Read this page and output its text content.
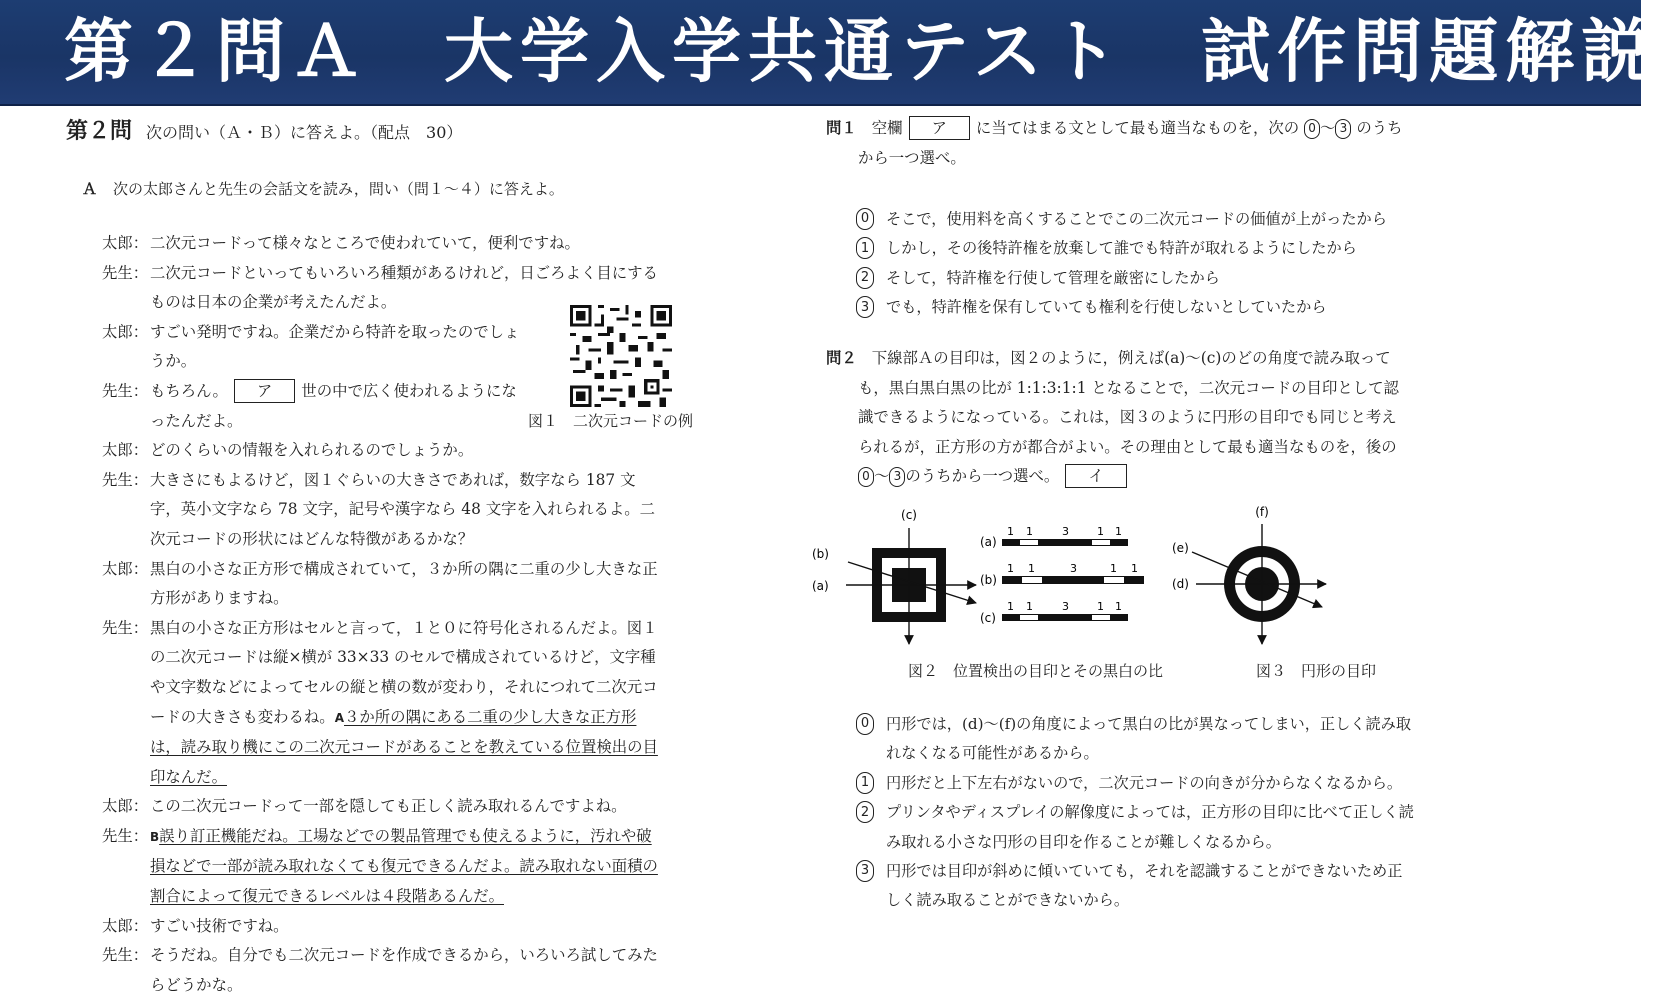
第２問Ａ　大学入学共通テスト　試作問題解説
第２問 次の問い（Ａ・Ｂ）に答えよ。（配点　30）
Ａ 次の太郎さんと先生の会話文を読み，問い（問１～４）に答えよ。
太郎： 二次元コードって様々なところで使われていて，便利ですね。
先生： 二次元コードといってもいろいろ種類があるけれど，日ごろよく目にするものは日本の企業が考えたんだよ。
太郎： すごい発明ですね。企業だから特許を取ったのでしょうか。
先生： もちろん。 ア 世の中で広く使われるようになったんだよ。
太郎： どのくらいの情報を入れられるのでしょうか。
先生： 大きさにもよるけど，図１ぐらいの大きさであれば，数字なら 187 文字，英小文字なら 78 文字，記号や漢字なら 48 文字を入れられるよ。二次元コードの形状にはどんな特徴があるかな？
太郎： 黒白の小さな正方形で構成されていて，３か所の隅に二重の少し大きな正方形がありますね。
先生： 黒白の小さな正方形はセルと言って，１と０に符号化されるんだよ。図１の二次元コードは縦×横が 33×33 のセルで構成されているけど，文字種や文字数などによってセルの縦と横の数が変わり，それにつれて二次元コードの大きさも変わるね。A３か所の隅にある二重の少し大きな正方形は，読み取り機にこの二次元コードがあることを教えている位置検出の目印なんだ。
太郎： この二次元コードって一部を隠しても正しく読み取れるんですよね。
先生： B誤り訂正機能だね。工場などでの製品管理でも使えるように，汚れや破損などで一部が読み取れなくても復元できるんだよ。読み取れない面積の割合によって復元できるレベルは４段階あるんだ。
太郎： すごい技術ですね。
先生： そうだね。自分でも二次元コードを作成できるから，いろいろ試してみたらどうかな。
図１　二次元コードの例
問１ 空欄 ア に当てはまる文として最も適当なものを，次の 0 ～ 3 のうち
から一つ選べ。
0	そこで，使用料を高くすることでこの二次元コードの価値が上がったから
1	しかし，その後特許権を放棄して誰でも特許が取れるようにしたから
2	そして，特許権を行使して管理を厳密にしたから
3	でも，特許権を保有していても権利を行使しないとしていたから
問２ 下線部Ａの目印は，図２のように，例えば(a)～(c)のどの角度で読み取って
も，黒白黒白黒の比が 1:1:3:1:1 となることで，二次元コードの目印として認
識できるようになっている。これは，図３のように円形の目印でも同じと考え
られるが，正方形の方が都合がよい。その理由として最も適当なものを，後の
0 ～ 3 のうちから一つ選べ。 イ
(c)
(b)
(a)
(a)
(b)
(c)
1 1	3	1 1
1 1	3	1 1
1 1	3	1 1
(f)
(e)
(d)
図２　位置検出の目印とその黒白の比	図３　円形の目印
0	円形では，(d)～(f)の角度によって黒白の比が異なってしまい，正しく読み取れなくなる可能性があるから。
1	円形だと上下左右がないので，二次元コードの向きが分からなくなるから。
2	プリンタやディスプレイの解像度によっては，正方形の目印に比べて正しく読み取れる小さな円形の目印を作ることが難しくなるから。
3	円形では目印が斜めに傾いていても，それを認識することができないため正しく読み取ることができないから。
